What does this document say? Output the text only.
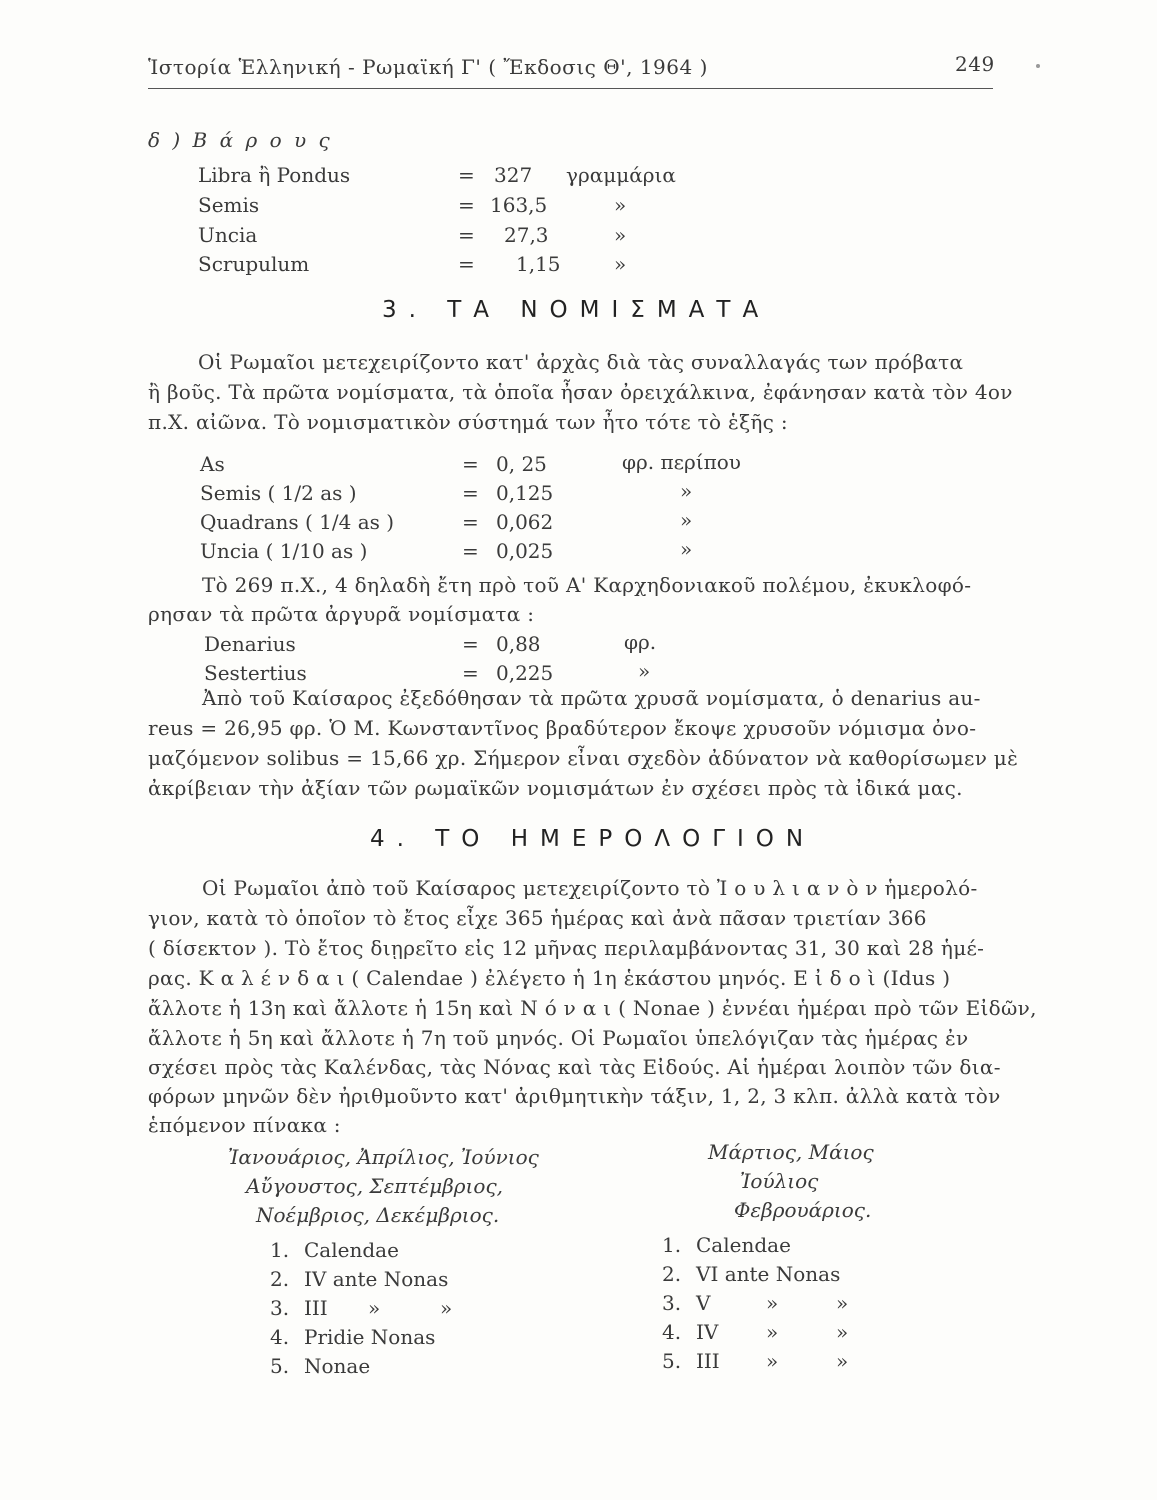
Ἱστορία Ἑλληνική - Ρωμαϊκή Γ' ( Ἔκδοσις Θ', 1964 )	249
δ ) Β ά ρ ο υ ς
Libra ἢ Pondus	= 327 γραμμάρια
Semis	= 163,5	»
Uncia	= 27,3	»
Scrupulum	= 1,15	»
3. ΤΑ ΝΟΜΙΣΜΑΤΑ
Οἱ Ρωμαῖοι μετεχειρίζοντο κατ' ἀρχὰς διὰ τὰς συναλλαγάς των πρόβατα
ἢ βοῦς. Τὰ πρῶτα νομίσματα, τὰ ὁποῖα ἦσαν ὀρειχάλκινα, ἐφάνησαν κατὰ τὸν 4ον
π.Χ. αἰῶνα. Τὸ νομισματικὸν σύστημά των ἦτο τότε τὸ ἑξῆς :
As	= 0, 25	φρ. περίπου
Semis ( 1/2 as )	= 0,125	»
Quadrans ( 1/4 as )	= 0,062	»
Uncia ( 1/10 as )	= 0,025	»
Τὸ 269 π.Χ., 4 δηλαδὴ ἔτη πρὸ τοῦ Α' Καρχηδονιακοῦ πολέμου, ἐκυκλοφό-
ρησαν τὰ πρῶτα ἀργυρᾶ νομίσματα :
Denarius	= 0,88	φρ.
Sestertius	= 0,225	»
Ἀπὸ τοῦ Καίσαρος ἐξεδόθησαν τὰ πρῶτα χρυσᾶ νομίσματα, ὁ denarius au-
reus = 26,95 φρ. Ὁ Μ. Κωνσταντῖνος βραδύτερον ἔκοψε χρυσοῦν νόμισμα ὀνο-
μαζόμενον solibus = 15,66 χρ. Σήμερον εἶναι σχεδὸν ἀδύνατον νὰ καθορίσωμεν μὲ
ἀκρίβειαν τὴν ἀξίαν τῶν ρωμαϊκῶν νομισμάτων ἐν σχέσει πρὸς τὰ ἰδικά μας.
4. ΤΟ ΗΜΕΡΟΛΟΓΙΟΝ
Οἱ Ρωμαῖοι ἀπὸ τοῦ Καίσαρος μετεχειρίζοντο τὸ Ἰ ο υ λ ι α ν ὸ ν ἡμερολό-
γιον, κατὰ τὸ ὁποῖον τὸ ἔτος εἶχε 365 ἡμέρας καὶ ἀνὰ πᾶσαν τριετίαν 366
( δίσεκτον ). Τὸ ἔτος διῃρεῖτο εἰς 12 μῆνας περιλαμβάνοντας 31, 30 καὶ 28 ἡμέ-
ρας. Κ α λ έ ν δ α ι ( Calendae ) ἐλέγετο ἡ 1η ἑκάστου μηνός. Ε ἰ δ ο ὶ (Idus )
ἄλλοτε ἡ 13η καὶ ἄλλοτε ἡ 15η καὶ Ν ό ν α ι ( Nonae ) ἐννέαι ἡμέραι πρὸ τῶν Εἰδῶν,
ἄλλοτε ἡ 5η καὶ ἄλλοτε ἡ 7η τοῦ μηνός. Οἱ Ρωμαῖοι ὑπελόγιζαν τὰς ἡμέρας ἐν
σχέσει πρὸς τὰς Καλένδας, τὰς Νόνας καὶ τὰς Εἰδούς. Αἱ ἡμέραι λοιπὸν τῶν δια-
φόρων μηνῶν δὲν ἠριθμοῦντο κατ' ἀριθμητικὴν τάξιν, 1, 2, 3 κλπ. ἀλλὰ κατὰ τὸν
ἑπόμενον πίνακα :
Ἰανουάριος, Ἀπρίλιος, Ἰούνιος
Αὔγουστος, Σεπτέμβριος,
Νοέμβριος, Δεκέμβριος.
Μάρτιος, Μάιος
Ἰούλιος
Φεβρουάριος.
1. Calendae
2. IV ante Nonas
3. III »	»
4. Pridie Nonas
5. Nonae
1. Calendae
2. VI ante Nonas
3. V	»	»
4. IV »	»
5. III »	»
